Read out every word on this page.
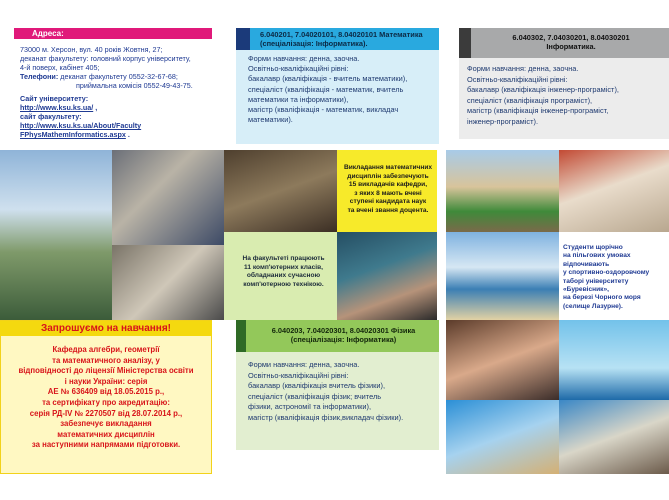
Адреса:
73000 м. Херсон, вул. 40 років Жовтня, 27;
деканат факультету: головний корпус університету,
4-й поверх, кабінет 405;
Телефони: деканат факультету 0552-32-67-68;
приймальна комісія 0552-49-43-75.
Сайт університету:
http://www.ksu.ks.ua/ ,
сайт факультету:
http://www.ksu.ks.ua/About/Faculty
FPhysMathemInformatics.aspx .
6.040201, 7.04020101, 8.04020101 Математика
(спеціалізація: Інформатика).
Форми навчання: денна, заочна.
Освітньо-кваліфікаційні рівні:
бакалавр (кваліфікація - вчитель математики),
спеціаліст (кваліфікація - математик, вчитель
математики та інформатики),
магістр (кваліфікація - математик, викладач
математики).
6.040302, 7.04030201, 8.04030201
Інформатика.
Форми навчання: денна, заочна.
Освітньо-кваліфікаційні рівні:
бакалавр (кваліфікація інженер-програміст),
спеціаліст (кваліфікація програміст),
магістр (кваліфікація інженер-програміст,
інженер-програміст).
Викладання математичних
дисциплін забезпечують
15 викладачів кафедри,
з яких 8 мають вчені
ступені кандидата наук
та вчені звання доцента.
На факультеті працюють
11 комп'ютерних класів,
обладнаних сучасною
комп'ютерною технікою.
Студенти щорічно
на пільгових умовах
відпочивають
у спортивно-оздоровчому
таборі університету
«Буревісник»,
на березі Чорного моря
(селище Лазурне).
Запрошуємо на навчання!
Кафедра алгебри, геометрії
та математичного аналізу, у
відповідності до ліцензії Міністерства освіти
і науки України: серія
АЕ № 636409 від 18.05.2015 р.,
та сертифікату про акредитацію:
серія РД-IV № 2270507 від 28.07.2014 р.,
забезпечує викладання
математичних дисциплін
за наступними напрямами підготовки.
6.040203, 7.04020301, 8.04020301 Фізика
(спеціалізація: Інформатика)
Форми навчання: денна, заочна.
Освітньо-кваліфікаційні рівні:
бакалавр (кваліфікація вчитель фізики),
спеціаліст (кваліфікація фізик; вчитель
фізики, астрономії та інформатики),
магістр (кваліфікація фізик,викладач фізики).
